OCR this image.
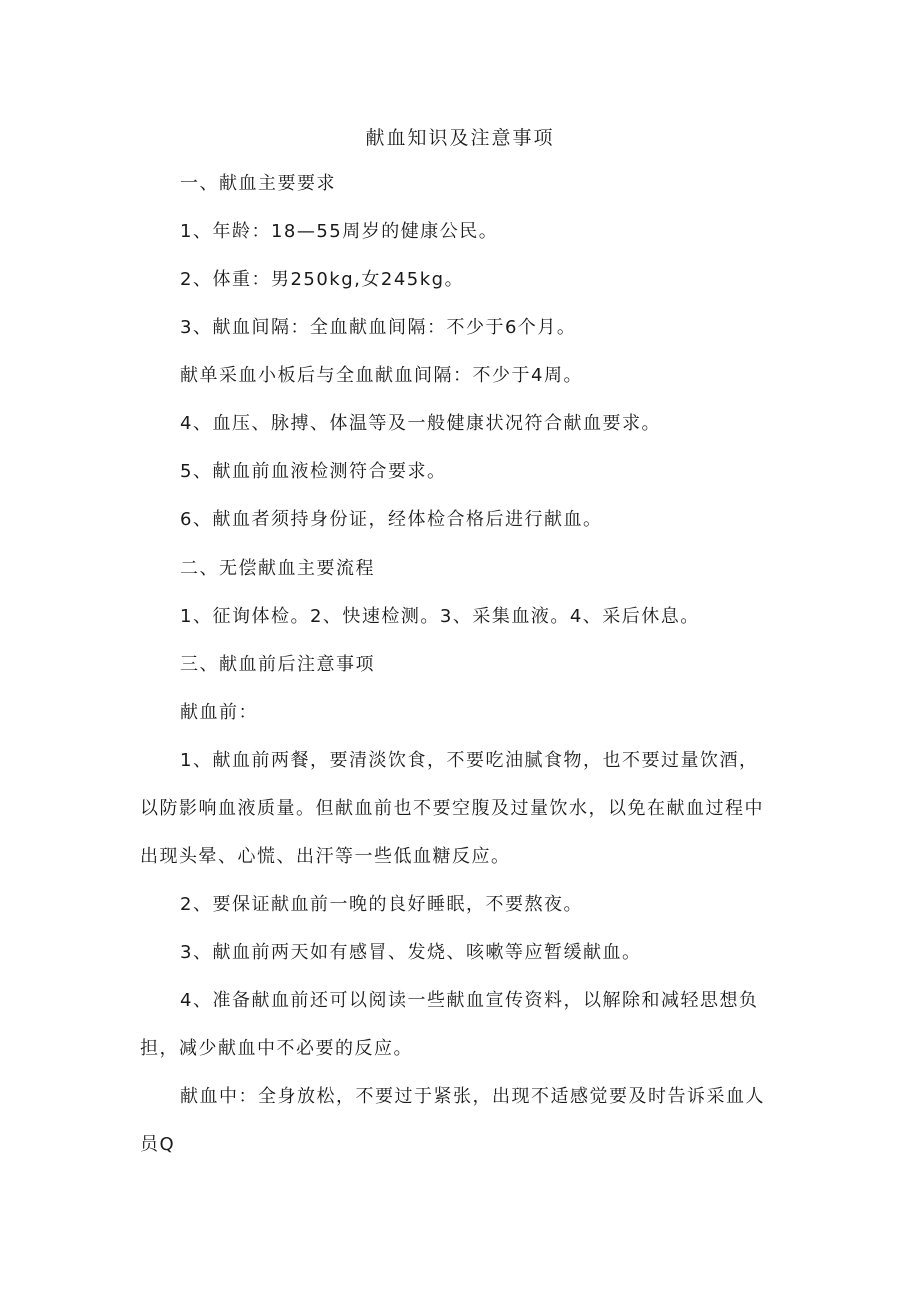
献血知识及注意事项
一、献血主要要求
1、年龄：18—55周岁的健康公民。
2、体重：男250kg,女245kg。
3、献血间隔：全血献血间隔：不少于6个月。
献单采血小板后与全血献血间隔：不少于4周。
4、血压、脉搏、体温等及一般健康状况符合献血要求。
5、献血前血液检测符合要求。
6、献血者须持身份证，经体检合格后进行献血。
二、无偿献血主要流程
1、征询体检。2、快速检测。3、采集血液。4、采后休息。
三、献血前后注意事项
献血前：
1、献血前两餐，要清淡饮食，不要吃油腻食物，也不要过量饮酒，
以防影响血液质量。但献血前也不要空腹及过量饮水，以免在献血过程中
出现头晕、心慌、出汗等一些低血糖反应。
2、要保证献血前一晚的良好睡眠，不要熬夜。
3、献血前两天如有感冒、发烧、咳嗽等应暂缓献血。
4、准备献血前还可以阅读一些献血宣传资料，以解除和减轻思想负
担，减少献血中不必要的反应。
献血中：全身放松，不要过于紧张，出现不适感觉要及时告诉采血人
员Q
